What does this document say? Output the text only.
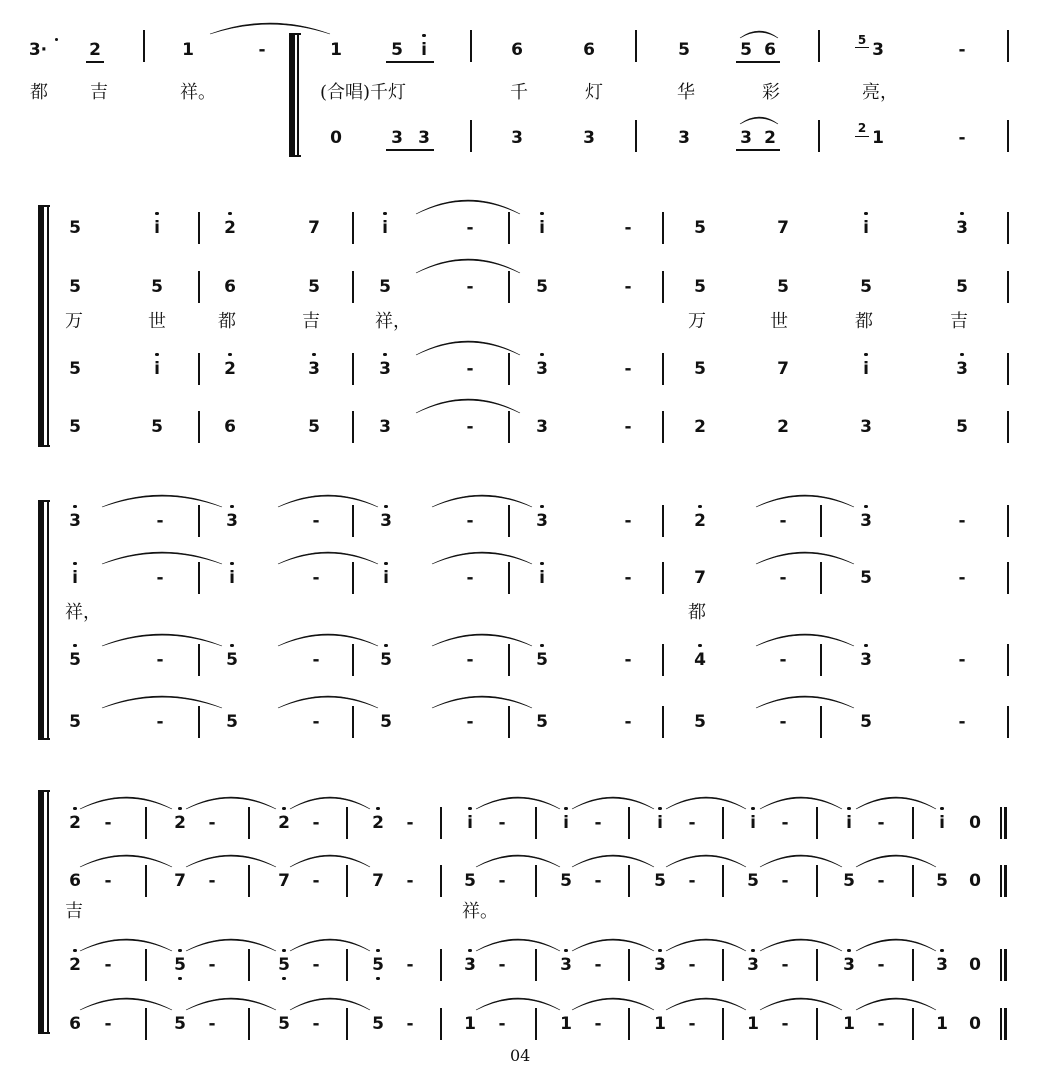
3· 2	1	-	1	5	i	6	6	5	5 6	5 3	-
都 吉	祥。	(合唱)千灯	千	灯	华	彩	亮，
0	3 3	3	3	3	3 2	2 1	-
5	i	2	7	i	-	i	-	5	7	i	3
5	5	6	5	5	-	5	-	5	5	5	5
万	世	都	吉	祥，	万	世	都	吉
5	i	2	3	3	-	3	-	5	7	i	3
5	5	6	5	3	-	3	-	2	2	3	5
3	-	3	-	3	-	3	-	2	-	3	-
i	-	i	-	i	-	i	-	7	-	5	-
祥，	都
5	-	5	-	5	-	5	-	4	-	3	-
5	-	5	-	5	-	5	-	5	-	5	-
2	-	2	-	2	-	2	-	i	-	i	-	i	-	i	-	i	-	i	0
6	-	7	-	7	-	7	-	5	-	5	-	5	-	5	-	5	-	5 0
2	-	5	-	5	-	5	-	3	-	3	-	3	-	3	-	3	-	3 0
6	-	5	-	5	-	5	-	1	-	1	-	1	-	1	-	1	-	1 0
吉	祥。
04
